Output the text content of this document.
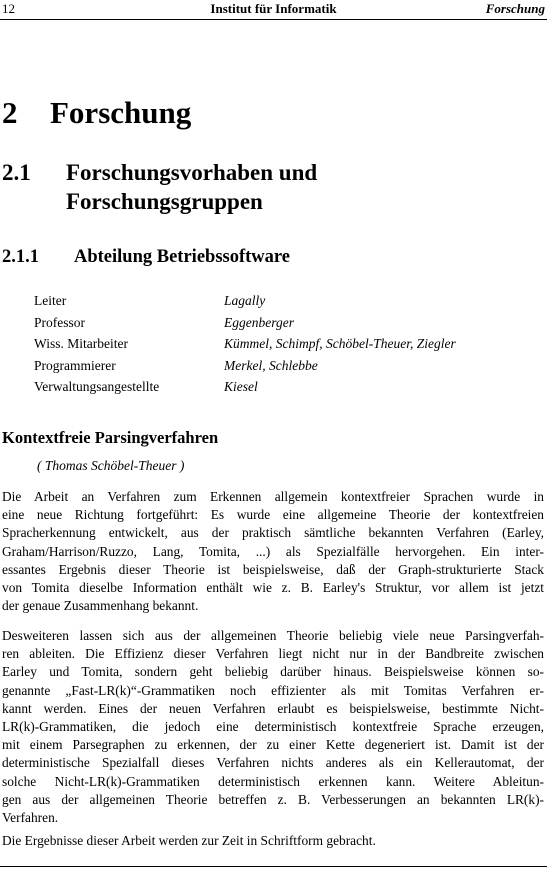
12	Institut für Informatik	Forschung
2 Forschung
2.1 Forschungsvorhaben und Forschungsgruppen
2.1.1 Abteilung Betriebssoftware
Leiter	Lagally
Professor	Eggenberger
Wiss. Mitarbeiter	Kümmel, Schimpf, Schöbel-Theuer, Ziegler
Programmierer	Merkel, Schlebbe
Verwaltungsangestellte	Kiesel
Kontextfreie Parsingverfahren
( Thomas Schöbel-Theuer )

Die Arbeit an Verfahren zum Erkennen allgemein kontextfreier Sprachen wurde in
eine neue Richtung fortgeführt: Es wurde eine allgemeine Theorie der kontextfreien
Spracherkennung entwickelt, aus der praktisch sämtliche bekannten Verfahren (Earley,
Graham/Harrison/Ruzzo, Lang, Tomita, ...) als Spezialfälle hervorgehen. Ein inter-
essantes Ergebnis dieser Theorie ist beispielsweise, daß der Graph-strukturierte Stack
von Tomita dieselbe Information enthält wie z. B. Earley's Struktur, vor allem ist jetzt
der genaue Zusammenhang bekannt.

Desweiteren lassen sich aus der allgemeinen Theorie beliebig viele neue Parsingverfah-
ren ableiten. Die Effizienz dieser Verfahren liegt nicht nur in der Bandbreite zwischen
Earley und Tomita, sondern geht beliebig darüber hinaus. Beispielsweise können so-
genannte „Fast-LR(k)“-Grammatiken noch effizienter als mit Tomitas Verfahren er-
kannt werden. Eines der neuen Verfahren erlaubt es beispielsweise, bestimmte Nicht-
LR(k)-Grammatiken, die jedoch eine deterministisch kontextfreie Sprache erzeugen,
mit einem Parsegraphen zu erkennen, der zu einer Kette degeneriert ist. Damit ist der
deterministische Spezialfall dieses Verfahren nichts anderes als ein Kellerautomat, der
solche Nicht-LR(k)-Grammatiken deterministisch erkennen kann. Weitere Ableitun-
gen aus der allgemeinen Theorie betreffen z. B. Verbesserungen an bekannten LR(k)-
Verfahren.

Die Ergebnisse dieser Arbeit werden zur Zeit in Schriftform gebracht.
